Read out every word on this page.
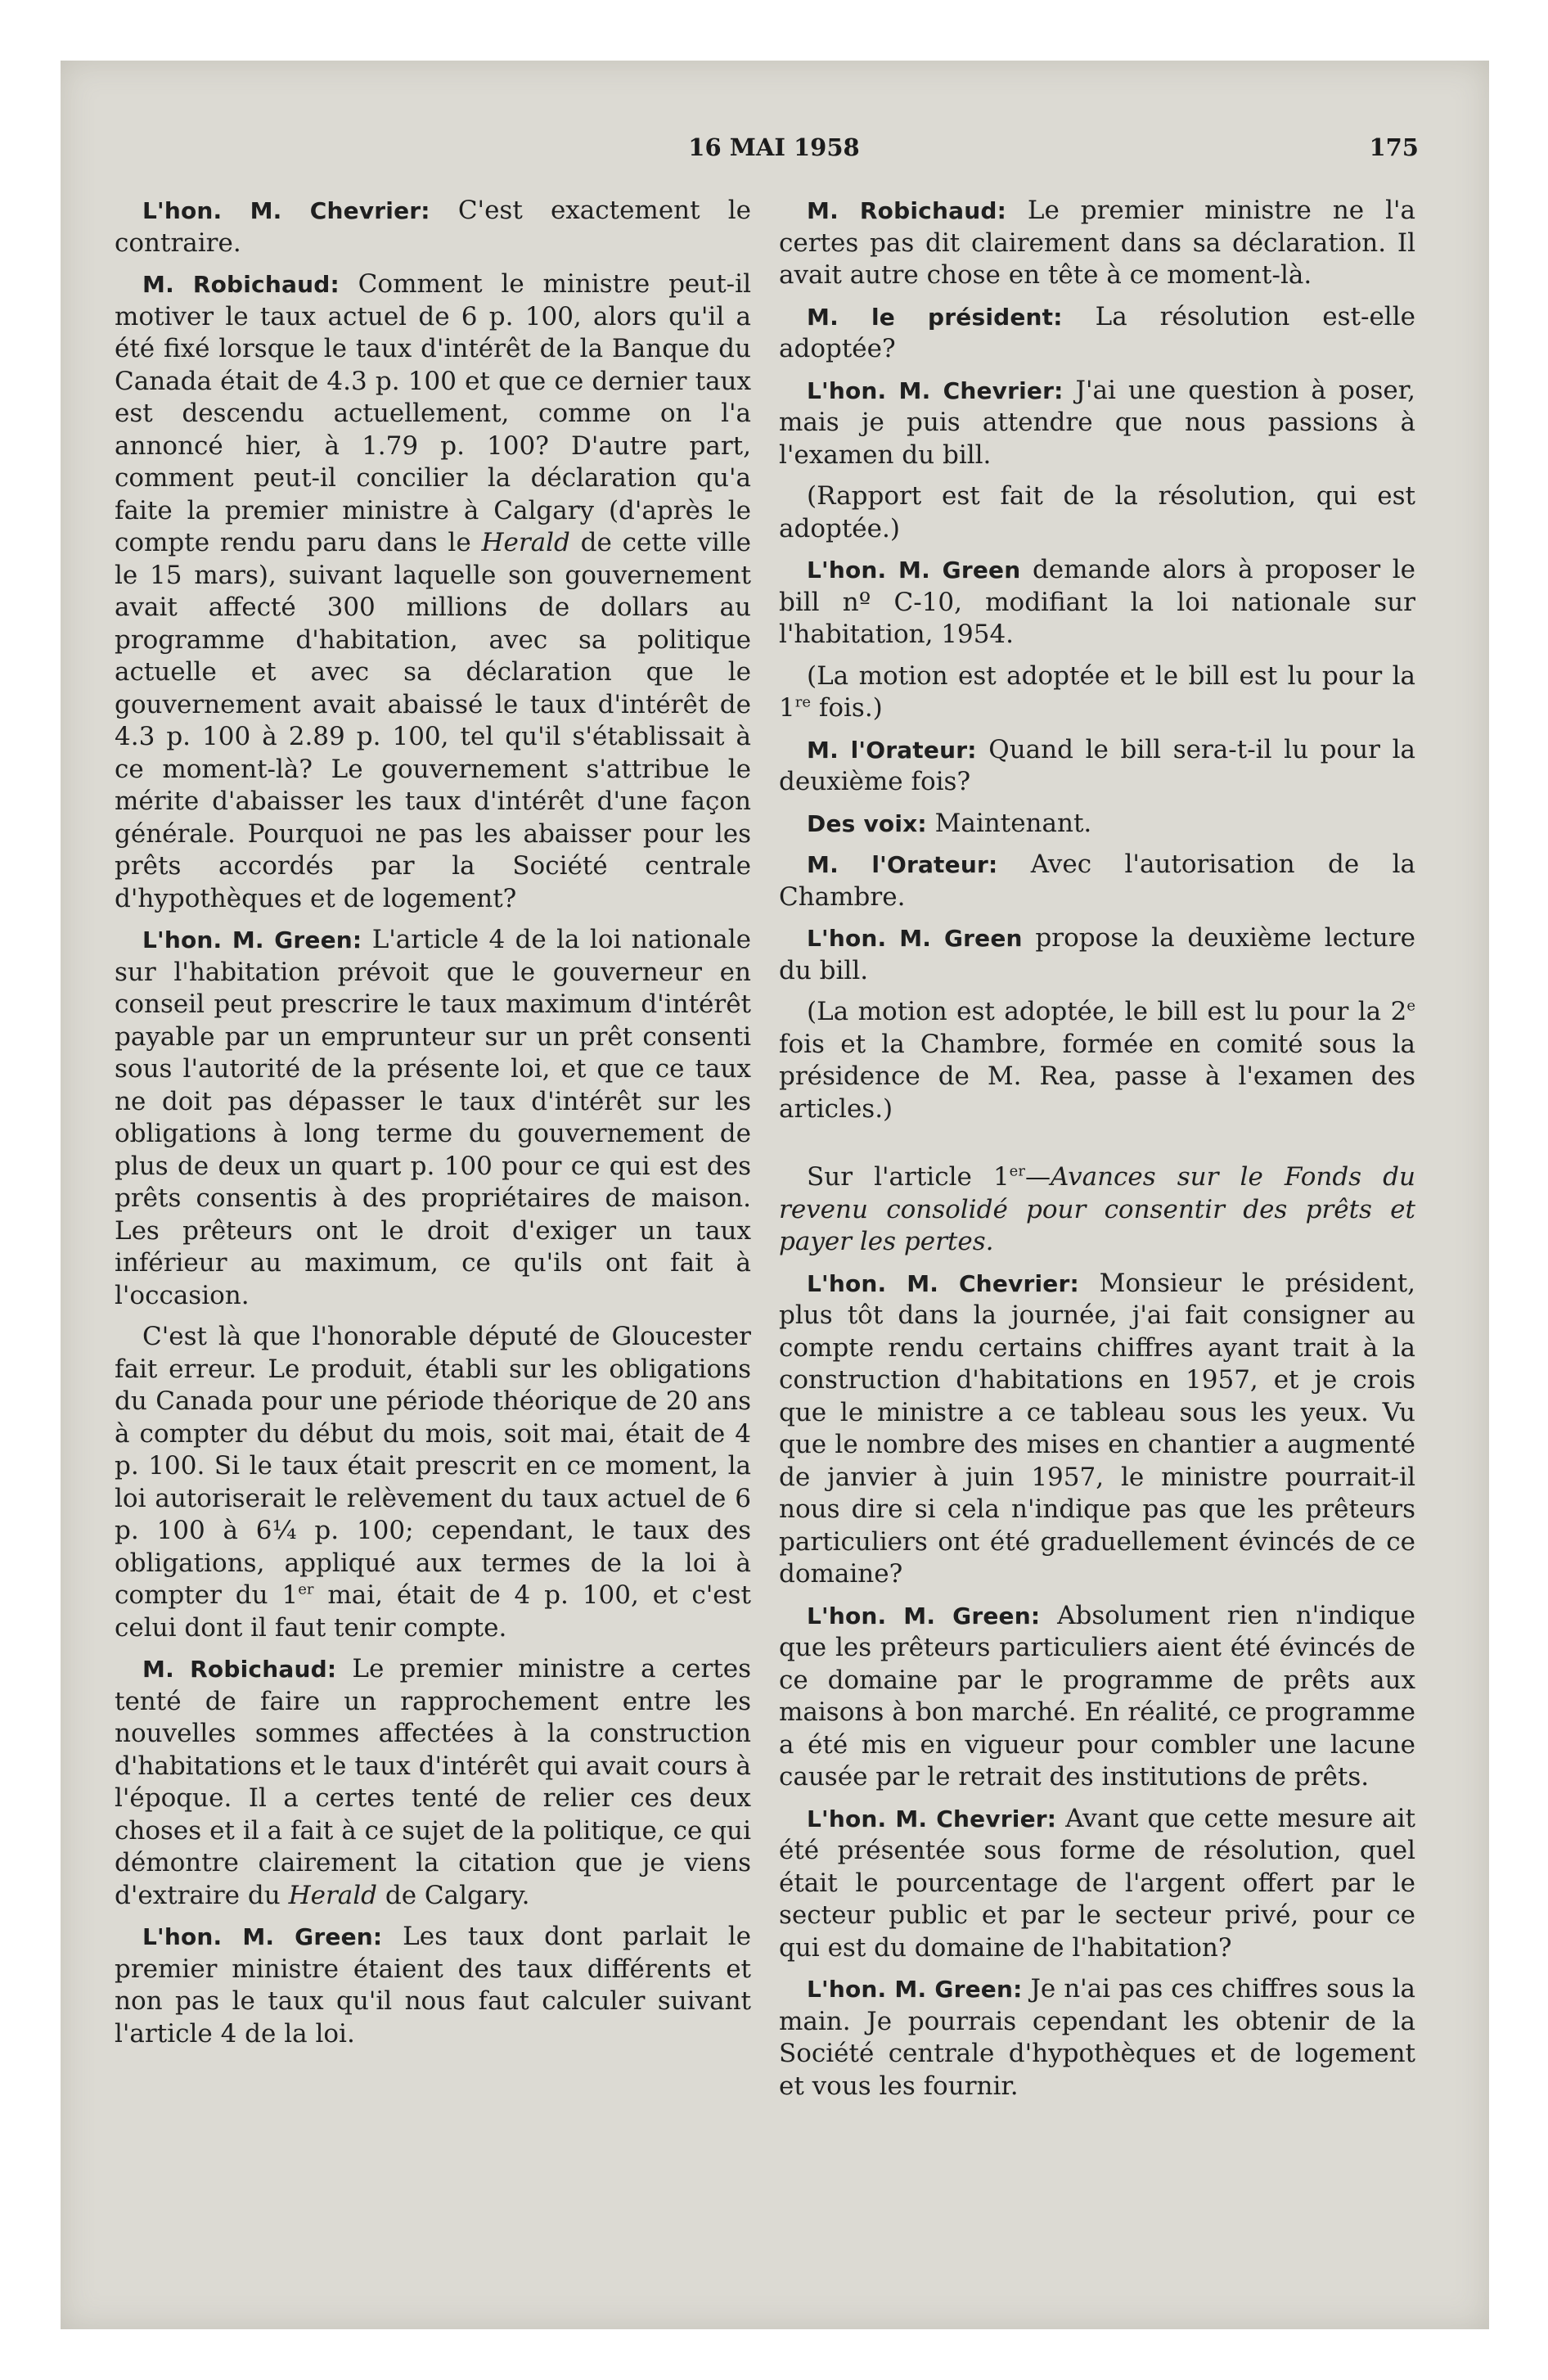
16 MAI 1958	175

L'hon. M. Chevrier: C'est exactement le contraire.

M. Robichaud: Comment le ministre peut-il motiver le taux actuel de 6 p. 100, alors qu'il a été fixé lorsque le taux d'intérêt de la Banque du Canada était de 4.3 p. 100 et que ce dernier taux est descendu actuellement, comme on l'a annoncé hier, à 1.79 p. 100? D'autre part, comment peut-il concilier la déclaration qu'a faite la premier ministre à Calgary (d'après le compte rendu paru dans le Herald de cette ville le 15 mars), suivant laquelle son gouvernement avait affecté 300 millions de dollars au programme d'habitation, avec sa politique actuelle et avec sa déclaration que le gouvernement avait abaissé le taux d'intérêt de 4.3 p. 100 à 2.89 p. 100, tel qu'il s'établissait à ce moment-là? Le gouvernement s'attribue le mérite d'abaisser les taux d'intérêt d'une façon générale. Pourquoi ne pas les abaisser pour les prêts accordés par la Société centrale d'hypothèques et de logement?

L'hon. M. Green: L'article 4 de la loi nationale sur l'habitation prévoit que le gouverneur en conseil peut prescrire le taux maximum d'intérêt payable par un emprunteur sur un prêt consenti sous l'autorité de la présente loi, et que ce taux ne doit pas dépasser le taux d'intérêt sur les obligations à long terme du gouvernement de plus de deux un quart p. 100 pour ce qui est des prêts consentis à des propriétaires de maison. Les prêteurs ont le droit d'exiger un taux inférieur au maximum, ce qu'ils ont fait à l'occasion.

C'est là que l'honorable député de Gloucester fait erreur. Le produit, établi sur les obligations du Canada pour une période théorique de 20 ans à compter du début du mois, soit mai, était de 4 p. 100. Si le taux était prescrit en ce moment, la loi autoriserait le relèvement du taux actuel de 6 p. 100 à 6¼ p. 100; cependant, le taux des obligations, appliqué aux termes de la loi à compter du 1er mai, était de 4 p. 100, et c'est celui dont il faut tenir compte.

M. Robichaud: Le premier ministre a certes tenté de faire un rapprochement entre les nouvelles sommes affectées à la construction d'habitations et le taux d'intérêt qui avait cours à l'époque. Il a certes tenté de relier ces deux choses et il a fait à ce sujet de la politique, ce qui démontre clairement la citation que je viens d'extraire du Herald de Calgary.

L'hon. M. Green: Les taux dont parlait le premier ministre étaient des taux différents et non pas le taux qu'il nous faut calculer suivant l'article 4 de la loi.

M. Robichaud: Le premier ministre ne l'a certes pas dit clairement dans sa déclaration. Il avait autre chose en tête à ce moment-là.

M. le président: La résolution est-elle adoptée?

L'hon. M. Chevrier: J'ai une question à poser, mais je puis attendre que nous passions à l'examen du bill.

(Rapport est fait de la résolution, qui est adoptée.)

L'hon. M. Green demande alors à proposer le bill nº C-10, modifiant la loi nationale sur l'habitation, 1954.

(La motion est adoptée et le bill est lu pour la 1re fois.)

M. l'Orateur: Quand le bill sera-t-il lu pour la deuxième fois?

Des voix: Maintenant.

M. l'Orateur: Avec l'autorisation de la Chambre.

L'hon. M. Green propose la deuxième lecture du bill.

(La motion est adoptée, le bill est lu pour la 2e fois et la Chambre, formée en comité sous la présidence de M. Rea, passe à l'examen des articles.)

Sur l'article 1er—Avances sur le Fonds du revenu consolidé pour consentir des prêts et payer les pertes.

L'hon. M. Chevrier: Monsieur le président, plus tôt dans la journée, j'ai fait consigner au compte rendu certains chiffres ayant trait à la construction d'habitations en 1957, et je crois que le ministre a ce tableau sous les yeux. Vu que le nombre des mises en chantier a augmenté de janvier à juin 1957, le ministre pourrait-il nous dire si cela n'indique pas que les prêteurs particuliers ont été graduellement évincés de ce domaine?

L'hon. M. Green: Absolument rien n'indique que les prêteurs particuliers aient été évincés de ce domaine par le programme de prêts aux maisons à bon marché. En réalité, ce programme a été mis en vigueur pour combler une lacune causée par le retrait des institutions de prêts.

L'hon. M. Chevrier: Avant que cette mesure ait été présentée sous forme de résolution, quel était le pourcentage de l'argent offert par le secteur public et par le secteur privé, pour ce qui est du domaine de l'habitation?

L'hon. M. Green: Je n'ai pas ces chiffres sous la main. Je pourrais cependant les obtenir de la Société centrale d'hypothèques et de logement et vous les fournir.
